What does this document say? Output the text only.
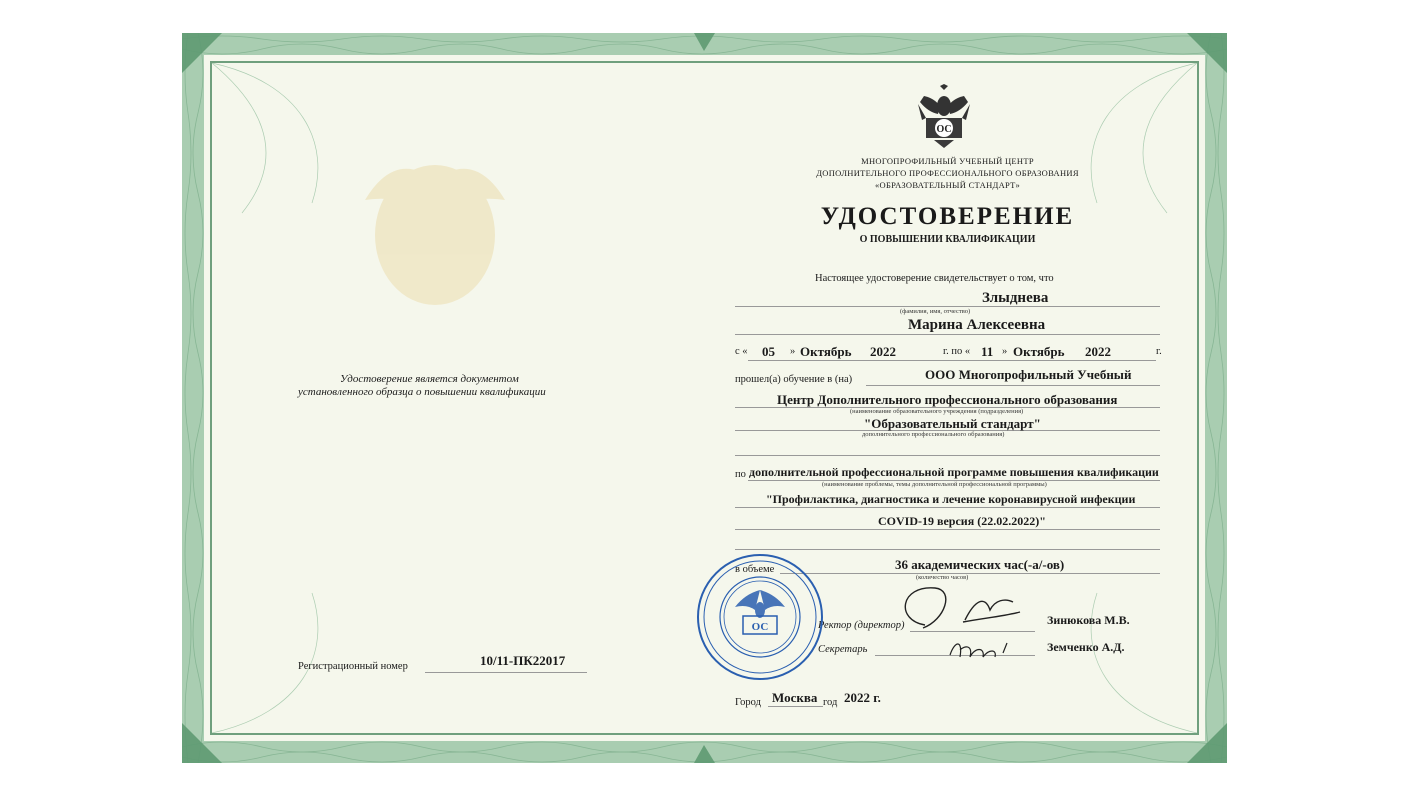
Удостоверение является документом
установленного образца о повышении квалификации
Регистрационный номер	10/11-ПК22017
ОС
МНОГОПРОФИЛЬНЫЙ УЧЕБНЫЙ ЦЕНТР
ДОПОЛНИТЕЛЬНОГО ПРОФЕССИОНАЛЬНОГО ОБРАЗОВАНИЯ
«ОБРАЗОВАТЕЛЬНЫЙ СТАНДАРТ»
УДОСТОВЕРЕНИЕ
О ПОВЫШЕНИИ КВАЛИФИКАЦИИ
Настоящее удостоверение свидетельствует о том, что
Злыднева
(фамилия, имя, отчество)
Марина Алексеевна
с « 05 » Октябрь 2022	г. по « 11 » Октябрь 2022	г.
прошел(а) обучение в (на)	ООО Многопрофильный Учебный
Центр Дополнительного профессионального образования
(наименование образовательного учреждения (подразделения)
"Образовательный стандарт"
дополнительного профессионального образования)
по дополнительной профессиональной программе повышения квалификации
(наименование проблемы, темы дополнительной профессиональной программы)
"Профилактика, диагностика и лечение коронавирусной инфекции
COVID-19 версия (22.02.2022)"
в объеме	36 академических час(-а/-ов)
(количество часов)
Ректор (директор)	Зинюкова М.В.
Секретарь	Земченко А.Д.
ОС
Город Москва год 2022 г.
